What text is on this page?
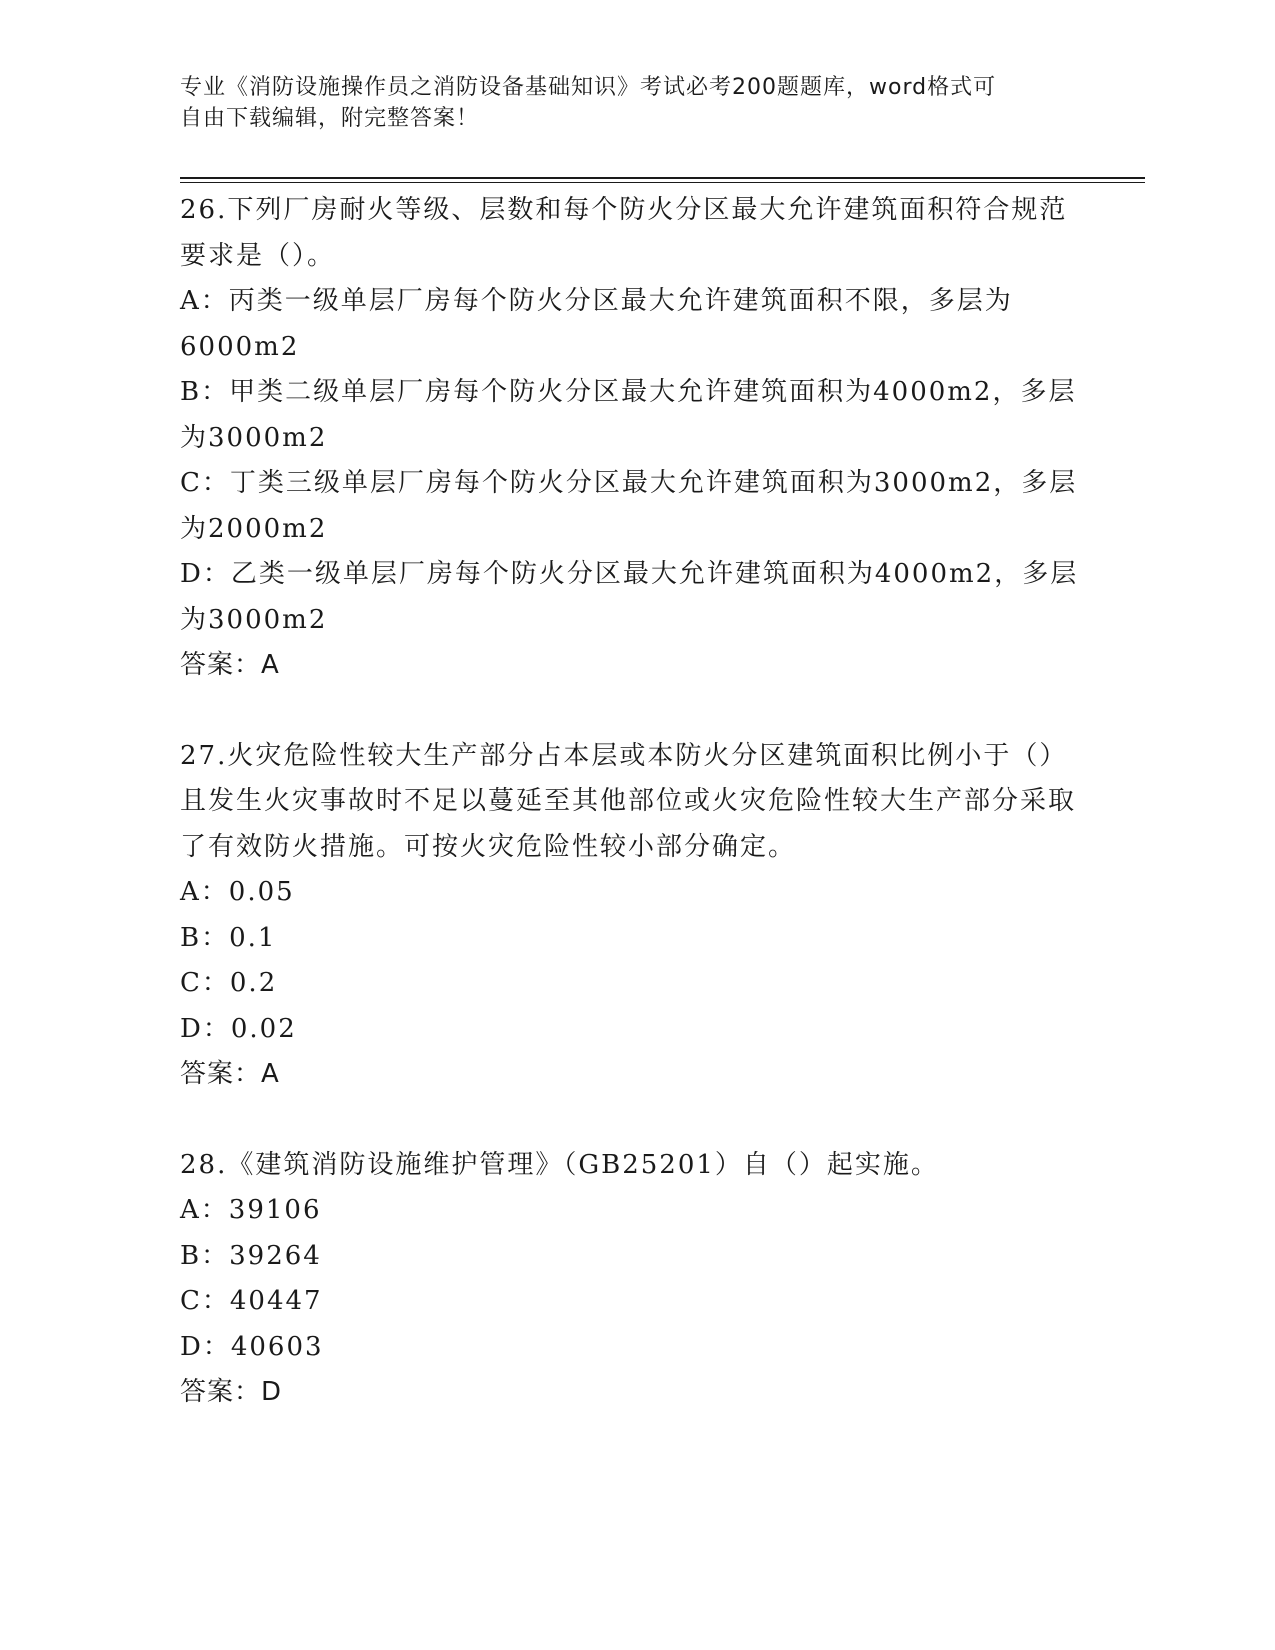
专业《消防设施操作员之消防设备基础知识》考试必考200题题库，word格式可
自由下载编辑，附完整答案！
26.下列厂房耐火等级、层数和每个防火分区最大允许建筑面积符合规范要求是（）。
A：丙类一级单层厂房每个防火分区最大允许建筑面积不限，多层为6000m2
B：甲类二级单层厂房每个防火分区最大允许建筑面积为4000m2，多层为3000m2
C：丁类三级单层厂房每个防火分区最大允许建筑面积为3000m2，多层为2000m2
D：乙类一级单层厂房每个防火分区最大允许建筑面积为4000m2，多层为3000m2
答案：A
27.火灾危险性较大生产部分占本层或本防火分区建筑面积比例小于（）且发生火灾事故时不足以蔓延至其他部位或火灾危险性较大生产部分采取了有效防火措施。可按火灾危险性较小部分确定。
A：0.05
B：0.1
C：0.2
D：0.02
答案：A
28.《建筑消防设施维护管理》（GB25201）自（）起实施。
A：39106
B：39264
C：40447
D：40603
答案：D
